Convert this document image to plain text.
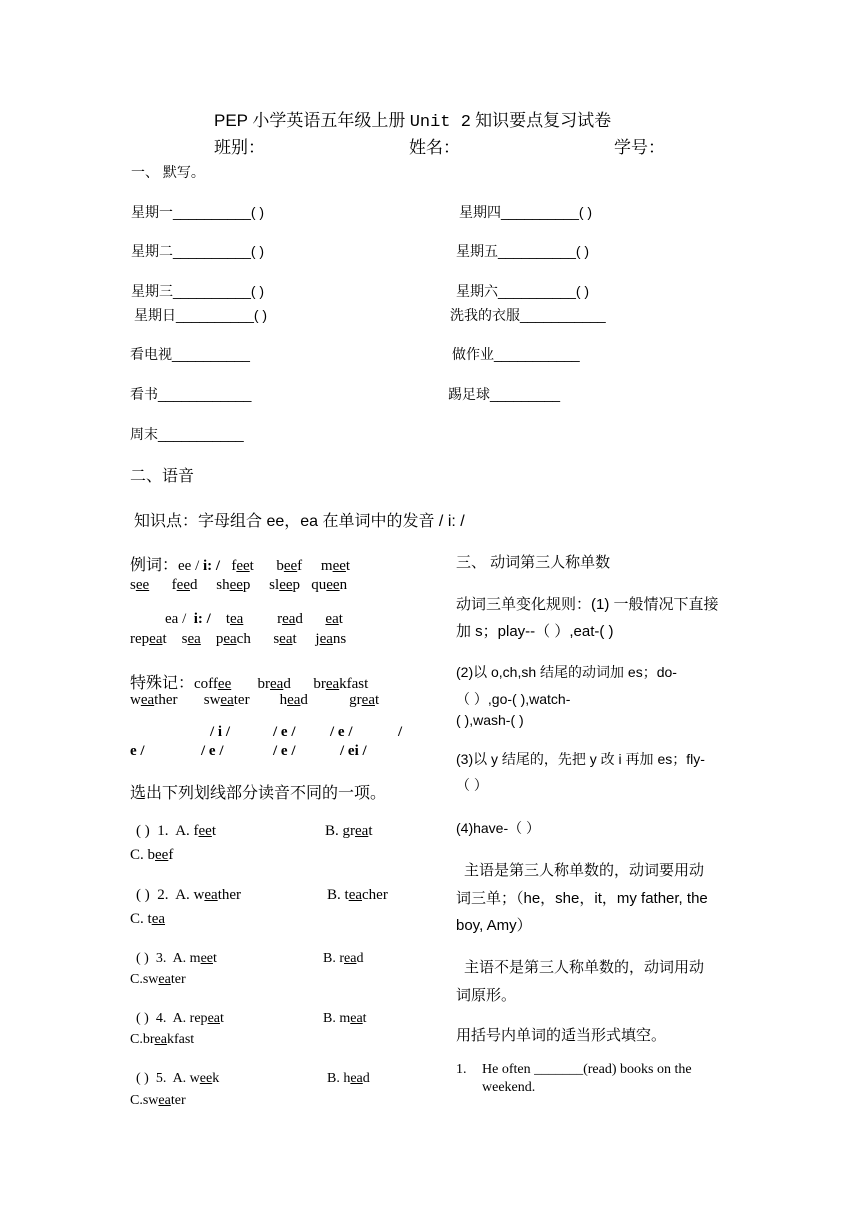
PEP 小学英语五年级上册 Unit 2 知识要点复习试卷
班别：	姓名：	学号：
一、 默写。
星期一__________( )	星期四__________( )
星期二__________( )	星期五__________( )
星期三__________( )	星期六__________( )
星期日__________( )	洗我的衣服___________
看电视__________	做作业___________
看书____________	踢足球_________
周末___________
二、语音
知识点：字母组合 ee，ea 在单词中的发音 / i: /
例词：ee / i: / feet beef meet
see feed sheep sleep queen
ea / i: / tea read eat
repeat sea peach seat jeans
特殊记：coffee bread breakfast
weather sweater head	great
/ i /	/ e / / e /	/
e /	/ e /	/ e /	/ ei /
选出下列划线部分读音不同的一项。
( ) 1. A. feet	B. great
C. beef
( ) 2. A. weather	B. teacher
C. tea
( ) 3. A. meet	B. read
C.sweater
( ) 4. A. repeat	B. meat
C.breakfast
( ) 5. A. week	B. head
C.sweater
三、 动词第三人称单数
动词三单变化规则：(1) 一般情况下直接
加 s；play--（ ）,eat-( )
(2)以 o,ch,sh 结尾的动词加 es；do-
（ ）,go-( ),watch-
( ),wash-( )
(3)以 y 结尾的，先把 y 改 i 再加 es；fly-
（ ）
(4)have-（ ）
主语是第三人称单数的，动词要用动
词三单；（he，she，it，my father, the
boy, Amy）
主语不是第三人称单数的，动词用动
词原形。
用括号内单词的适当形式填空。
1. He often _______(read) books on the
weekend.
